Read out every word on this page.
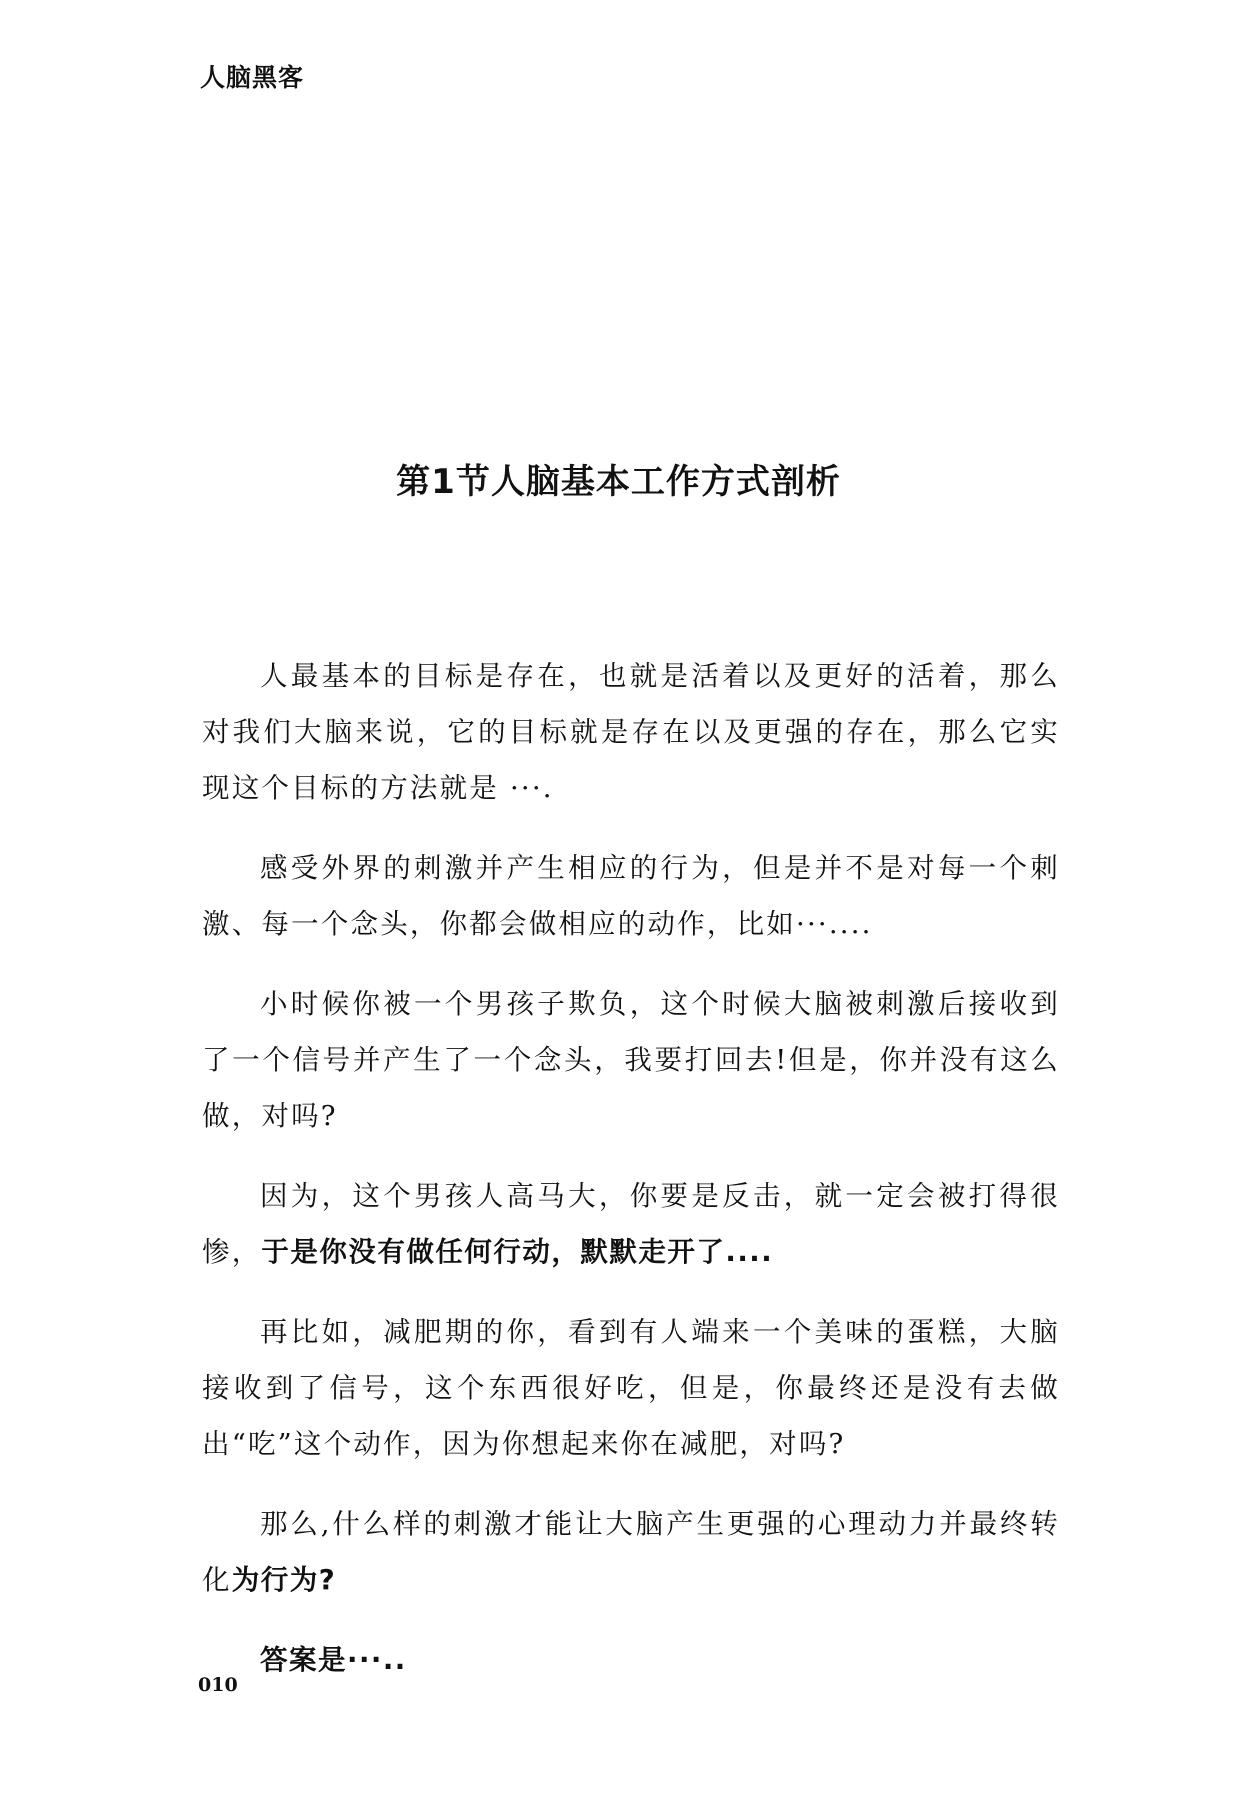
人脑黑客
第1节人脑基本工作方式剖析

人最基本的目标是存在，也就是活着以及更好的活着，那么对我们大脑来说，它的目标就是存在以及更强的存在，那么它实现这个目标的方法就是 ···.

感受外界的刺激并产生相应的行为，但是并不是对每一个刺激、每一个念头，你都会做相应的动作，比如···....

小时候你被一个男孩子欺负，这个时候大脑被刺激后接收到了一个信号并产生了一个念头，我要打回去!但是，你并没有这么做，对吗?

因为，这个男孩人高马大，你要是反击，就一定会被打得很惨，于是你没有做任何行动，默默走开了....

再比如，减肥期的你，看到有人端来一个美味的蛋糕，大脑接收到了信号，这个东西很好吃，但是，你最终还是没有去做出“吃”这个动作，因为你想起来你在减肥，对吗?

那么,什么样的刺激才能让大脑产生更强的心理动力并最终转化为行为?

答案是···..

010
